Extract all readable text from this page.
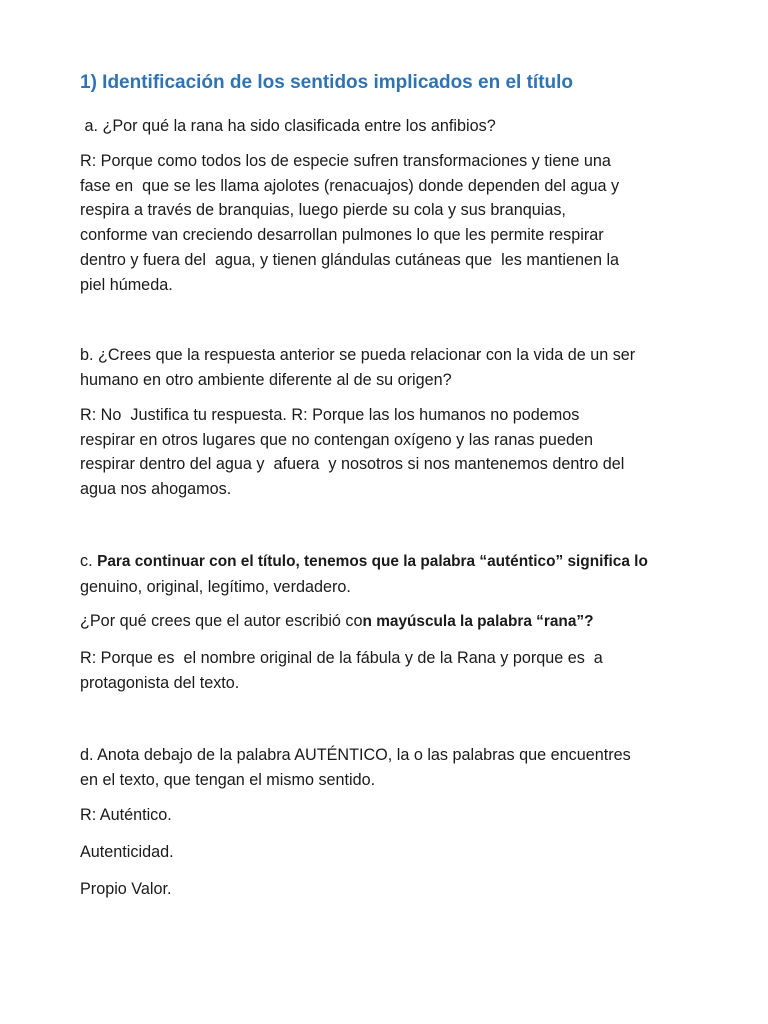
1) Identificación de los sentidos implicados en el título
a. ¿Por qué la rana ha sido clasificada entre los anfibios?
R: Porque como todos los de especie sufren transformaciones y tiene una
fase en  que se les llama ajolotes (renacuajos) donde dependen del agua y
respira a través de branquias, luego pierde su cola y sus branquias,
conforme van creciendo desarrollan pulmones lo que les permite respirar
dentro y fuera del  agua, y tienen glándulas cutáneas que  les mantienen la
piel húmeda.
b. ¿Crees que la respuesta anterior se pueda relacionar con la vida de un ser
humano en otro ambiente diferente al de su origen?
R: No  Justifica tu respuesta. R: Porque las los humanos no podemos
respirar en otros lugares que no contengan oxígeno y las ranas pueden
respirar dentro del agua y  afuera  y nosotros si nos mantenemos dentro del
agua nos ahogamos.
c. Para continuar con el título, tenemos que la palabra “auténtico” significa lo
genuino, original, legítimo, verdadero.
¿Por qué crees que el autor escribió con mayúscula la palabra “rana”?
R: Porque es  el nombre original de la fábula y de la Rana y porque es  a
protagonista del texto.
d. Anota debajo de la palabra AUTÉNTICO, la o las palabras que encuentres
en el texto, que tengan el mismo sentido.
R: Auténtico.
Autenticidad.
Propio Valor.
